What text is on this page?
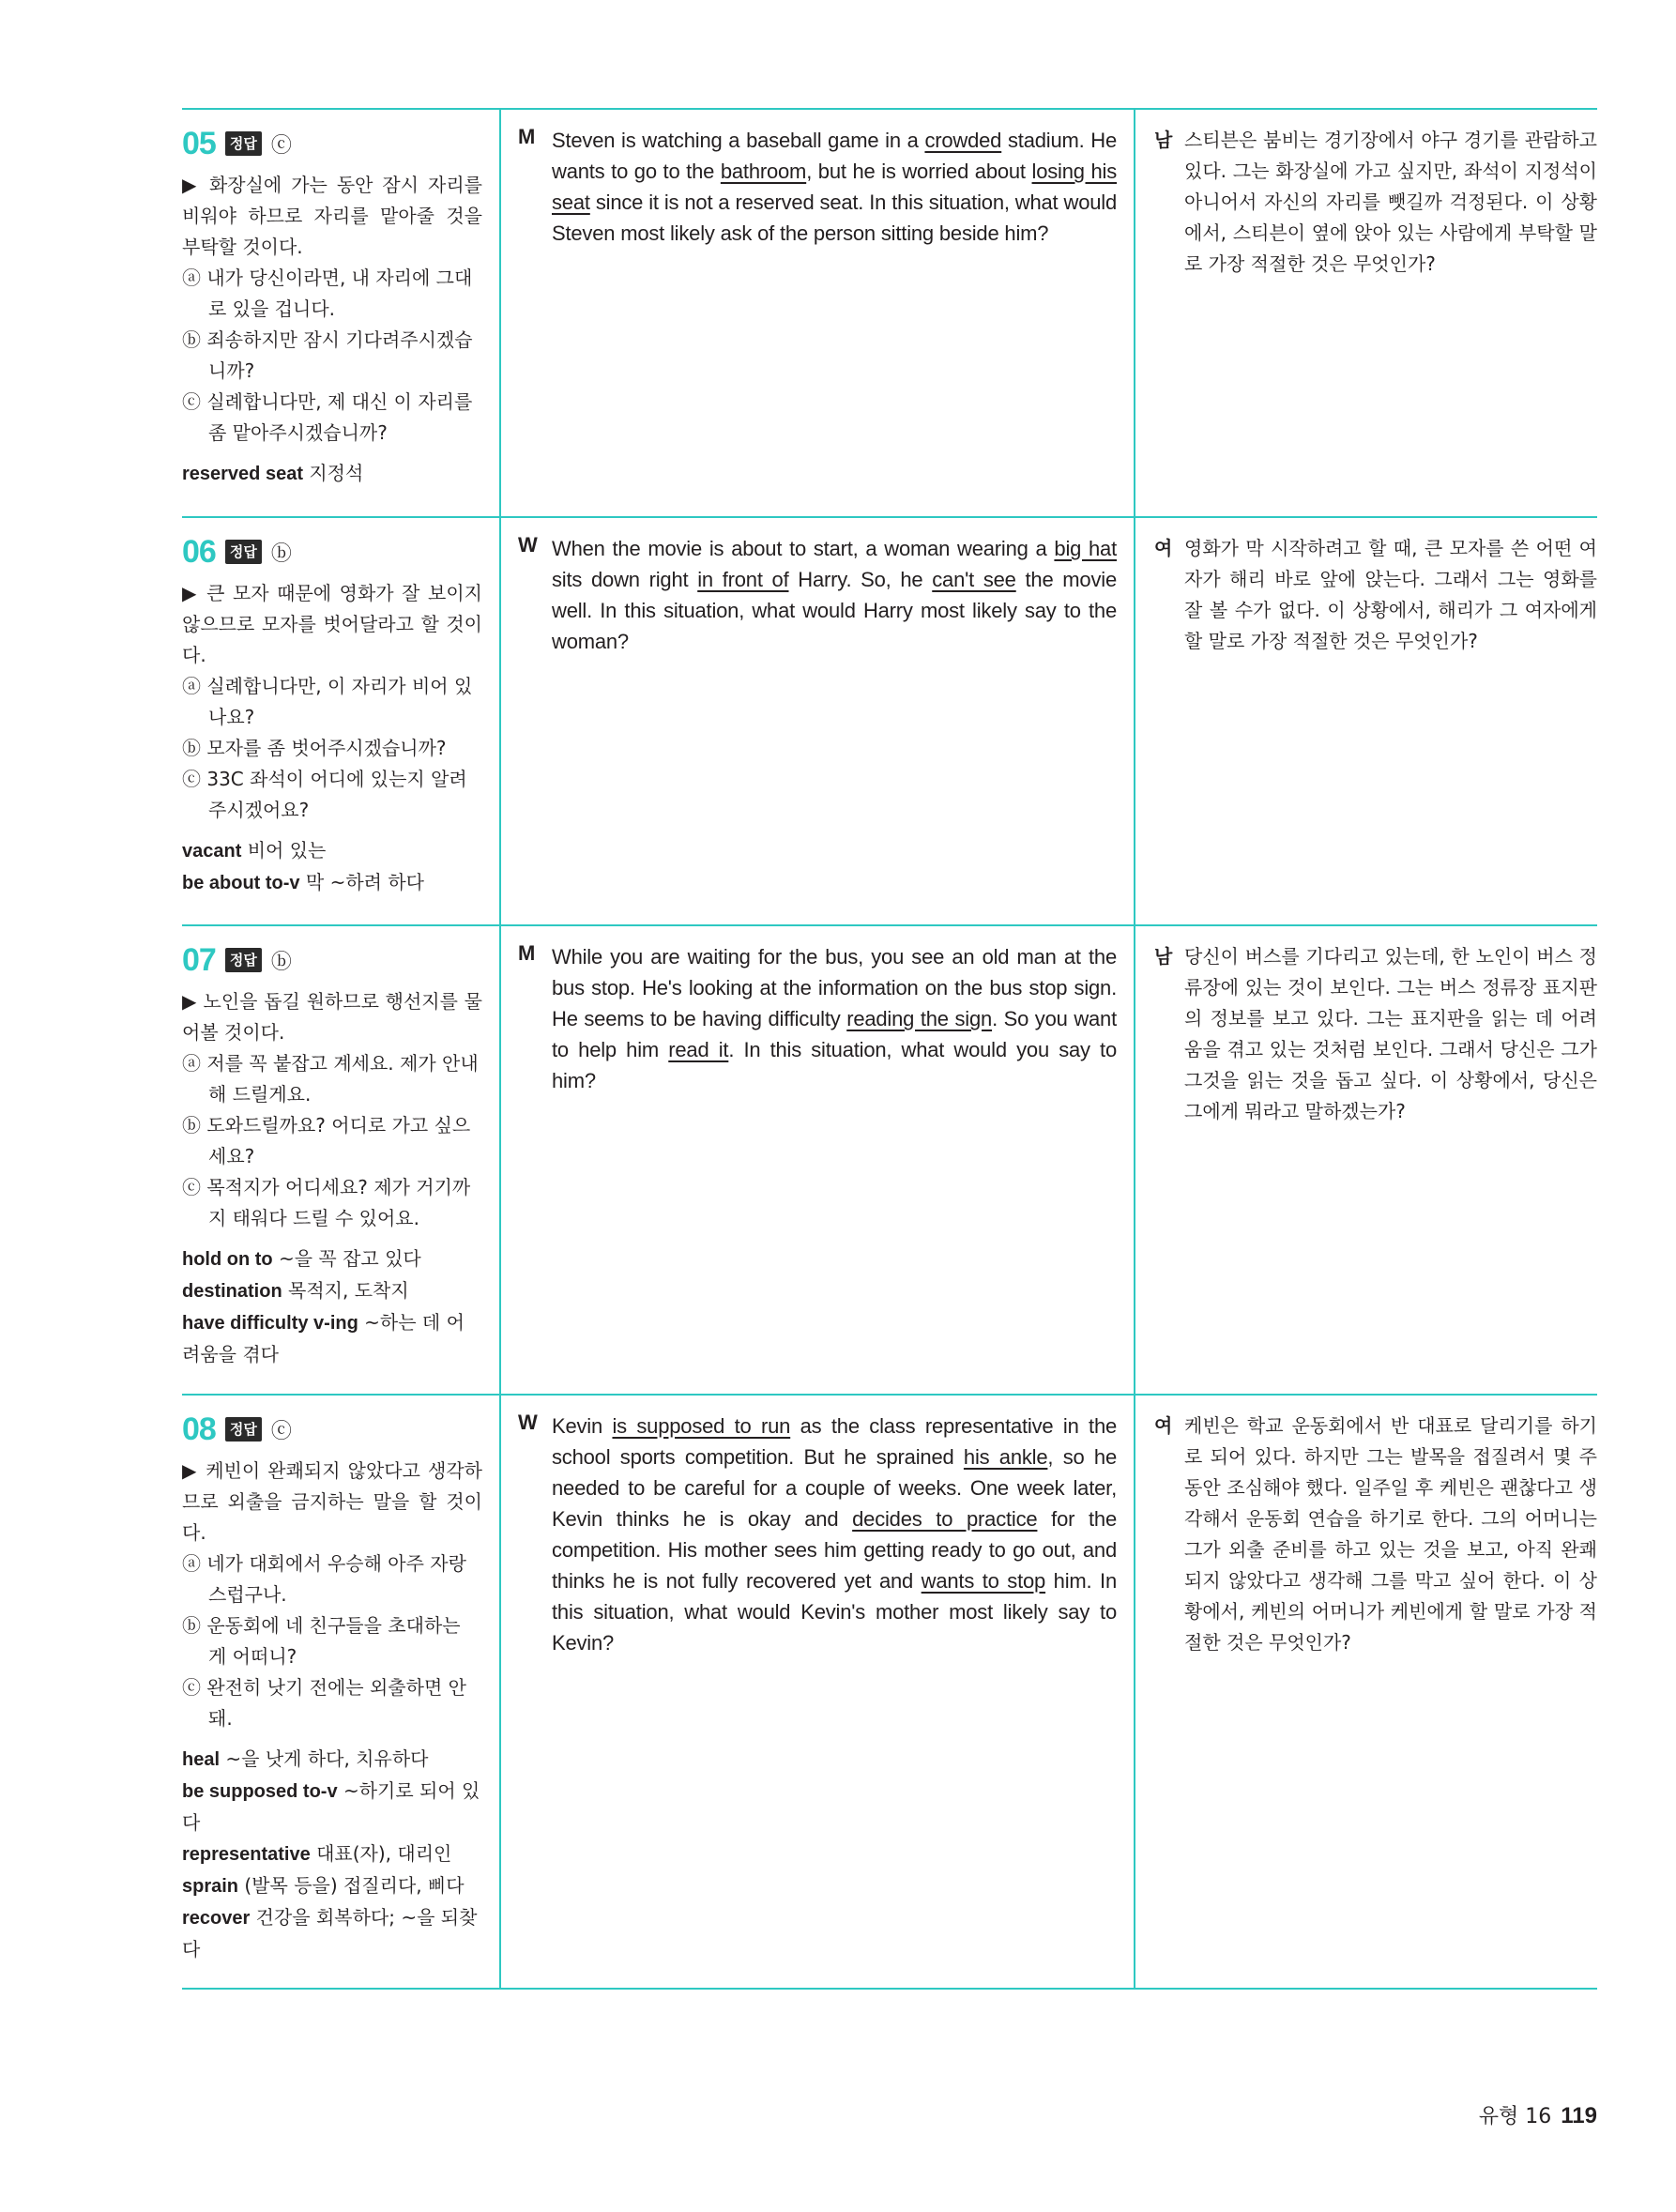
05	정답 ⓒ
▶ 화장실에 가는 동안 잠시 자리를 비워야 하므로 자리를 맡아줄 것을 부탁할 것이다.
ⓐ 내가 당신이라면, 내 자리에 그대로 있을 겁니다.
ⓑ 죄송하지만 잠시 기다려주시겠습니까?
ⓒ 실례합니다만, 제 대신 이 자리를 좀 맡아주시겠습니까?
reserved seat 지정석
M Steven is watching a baseball game in a crowded stadium. He wants to go to the bathroom, but he is worried about losing his seat since it is not a reserved seat. In this situation, what would Steven most likely ask of the person sitting beside him?
남 스티븐은 붐비는 경기장에서 야구 경기를 관람하고 있다. 그는 화장실에 가고 싶지만, 좌석이 지정석이 아니어서 자신의 자리를 뺏길까 걱정된다. 이 상황에서, 스티븐이 옆에 앉아 있는 사람에게 부탁할 말로 가장 적절한 것은 무엇인가?
06	정답 ⓑ
▶ 큰 모자 때문에 영화가 잘 보이지 않으므로 모자를 벗어달라고 할 것이다.
ⓐ 실례합니다만, 이 자리가 비어 있나요?
ⓑ 모자를 좀 벗어주시겠습니까?
ⓒ 33C 좌석이 어디에 있는지 알려 주시겠어요?
vacant 비어 있는
be about to-v 막 ~하려 하다
W When the movie is about to start, a woman wearing a big hat sits down right in front of Harry. So, he can't see the movie well. In this situation, what would Harry most likely say to the woman?
여 영화가 막 시작하려고 할 때, 큰 모자를 쓴 어떤 여자가 해리 바로 앞에 앉는다. 그래서 그는 영화를 잘 볼 수가 없다. 이 상황에서, 해리가 그 여자에게 할 말로 가장 적절한 것은 무엇인가?
07	정답 ⓑ
▶ 노인을 돕길 원하므로 행선지를 물어볼 것이다.
ⓐ 저를 꼭 붙잡고 계세요. 제가 안내해 드릴게요.
ⓑ 도와드릴까요? 어디로 가고 싶으세요?
ⓒ 목적지가 어디세요? 제가 거기까지 태워다 드릴 수 있어요.
hold on to ~을 꼭 잡고 있다
destination 목적지, 도착지
have difficulty v-ing ~하는 데 어려움을 겪다
M While you are waiting for the bus, you see an old man at the bus stop. He's looking at the information on the bus stop sign. He seems to be having difficulty reading the sign. So you want to help him read it. In this situation, what would you say to him?
남 당신이 버스를 기다리고 있는데, 한 노인이 버스 정류장에 있는 것이 보인다. 그는 버스 정류장 표지판의 정보를 보고 있다. 그는 표지판을 읽는 데 어려움을 겪고 있는 것처럼 보인다. 그래서 당신은 그가 그것을 읽는 것을 돕고 싶다. 이 상황에서, 당신은 그에게 뭐라고 말하겠는가?
08	정답 ⓒ
▶ 케빈이 완쾌되지 않았다고 생각하므로 외출을 금지하는 말을 할 것이다.
ⓐ 네가 대회에서 우승해 아주 자랑스럽구나.
ⓑ 운동회에 네 친구들을 초대하는 게 어떠니?
ⓒ 완전히 낫기 전에는 외출하면 안 돼.
heal ~을 낫게 하다, 치유하다
be supposed to-v ~하기로 되어 있다
representative 대표(자), 대리인
sprain (발목 등을) 접질리다, 삐다
recover 건강을 회복하다; ~을 되찾다
W Kevin is supposed to run as the class representative in the school sports competition. But he sprained his ankle, so he needed to be careful for a couple of weeks. One week later, Kevin thinks he is okay and decides to practice for the competition. His mother sees him getting ready to go out, and thinks he is not fully recovered yet and wants to stop him. In this situation, what would Kevin's mother most likely say to Kevin?
여 케빈은 학교 운동회에서 반 대표로 달리기를 하기로 되어 있다. 하지만 그는 발목을 접질려서 몇 주 동안 조심해야 했다. 일주일 후 케빈은 괜찮다고 생각해서 운동회 연습을 하기로 한다. 그의 어머니는 그가 외출 준비를 하고 있는 것을 보고, 아직 완쾌되지 않았다고 생각해 그를 막고 싶어 한다. 이 상황에서, 케빈의 어머니가 케빈에게 할 말로 가장 적절한 것은 무엇인가?
유형 16 119
